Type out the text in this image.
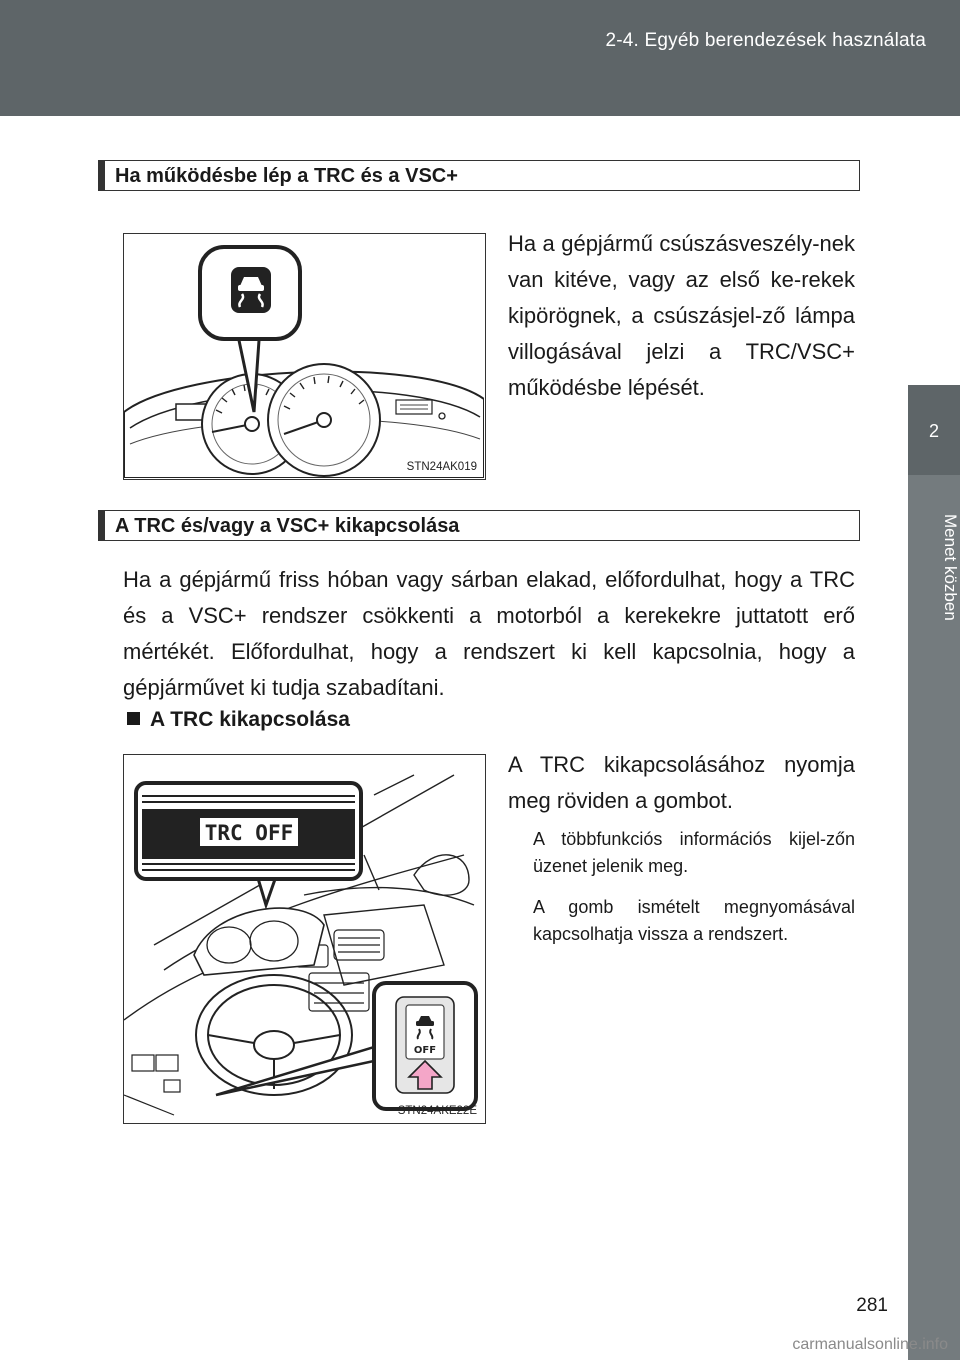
2-4. Egyéb berendezések használata
2
Menet közben
Ha működésbe lép a TRC és a VSC+
STN24AK019
Ha a gépjármű csúszásveszély-nek van kitéve, vagy az első ke-rekek kipörögnek, a csúszásjel-ző lámpa villogásával jelzi a TRC/VSC+ működésbe lépését.
A TRC és/vagy a VSC+ kikapcsolása
Ha a gépjármű friss hóban vagy sárban elakad, előfordulhat, hogy a TRC és a VSC+ rendszer csökkenti a motorból a kerekekre juttatott erő mértékét. Előfordulhat, hogy a rendszert ki kell kapcsolnia, hogy a gépjárművet ki tudja szabadítani.
A TRC kikapcsolása
TRC OFF
OFF
STN24AKE22E
A TRC kikapcsolásához nyomja meg röviden a gombot.
A többfunkciós információs kijel-zőn üzenet jelenik meg.
A gomb ismételt megnyomásával kapcsolhatja vissza a rendszert.
281
carmanualsonline.info
